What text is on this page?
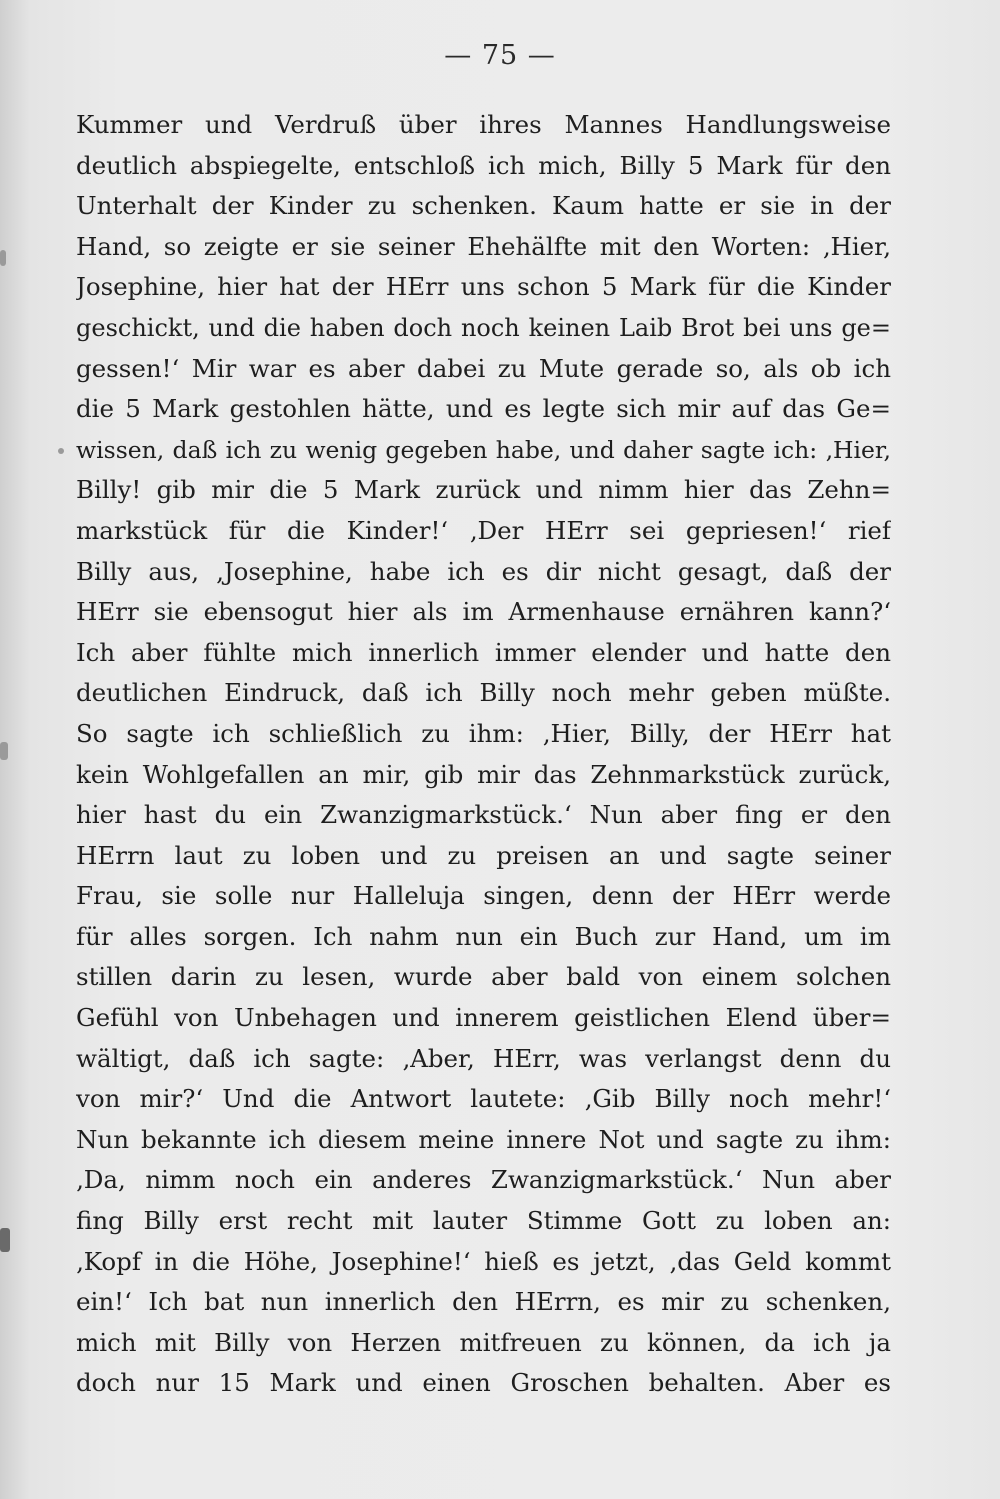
— 75 —
Kummer und Verdruß über ihres Mannes Handlungsweise
deutlich abspiegelte, entschloß ich mich, Billy 5 Mark für den
Unterhalt der Kinder zu schenken. Kaum hatte er sie in der
Hand, so zeigte er sie seiner Ehehälfte mit den Worten: ‚Hier,
Josephine, hier hat der HErr uns schon 5 Mark für die Kinder
geschickt, und die haben doch noch keinen Laib Brot bei uns ge=
gessen!‘ Mir war es aber dabei zu Mute gerade so, als ob ich
die 5 Mark gestohlen hätte, und es legte sich mir auf das Ge=
wissen, daß ich zu wenig gegeben habe, und daher sagte ich: ‚Hier,
Billy! gib mir die 5 Mark zurück und nimm hier das Zehn=
markstück für die Kinder!‘ ‚Der HErr sei gepriesen!‘ rief
Billy aus, ‚Josephine, habe ich es dir nicht gesagt, daß der
HErr sie ebensogut hier als im Armenhause ernähren kann?‘
Ich aber fühlte mich innerlich immer elender und hatte den
deutlichen Eindruck, daß ich Billy noch mehr geben müßte.
So sagte ich schließlich zu ihm: ‚Hier, Billy, der HErr hat
kein Wohlgefallen an mir, gib mir das Zehnmarkstück zurück,
hier hast du ein Zwanzigmarkstück.‘ Nun aber fing er den
HErrn laut zu loben und zu preisen an und sagte seiner
Frau, sie solle nur Halleluja singen, denn der HErr werde
für alles sorgen. Ich nahm nun ein Buch zur Hand, um im
stillen darin zu lesen, wurde aber bald von einem solchen
Gefühl von Unbehagen und innerem geistlichen Elend über=
wältigt, daß ich sagte: ‚Aber, HErr, was verlangst denn du
von mir?‘ Und die Antwort lautete: ‚Gib Billy noch mehr!‘
Nun bekannte ich diesem meine innere Not und sagte zu ihm:
‚Da, nimm noch ein anderes Zwanzigmarkstück.‘ Nun aber
fing Billy erst recht mit lauter Stimme Gott zu loben an:
‚Kopf in die Höhe, Josephine!‘ hieß es jetzt, ‚das Geld kommt
ein!‘ Ich bat nun innerlich den HErrn, es mir zu schenken,
mich mit Billy von Herzen mitfreuen zu können, da ich ja
doch nur 15 Mark und einen Groschen behalten. Aber es
